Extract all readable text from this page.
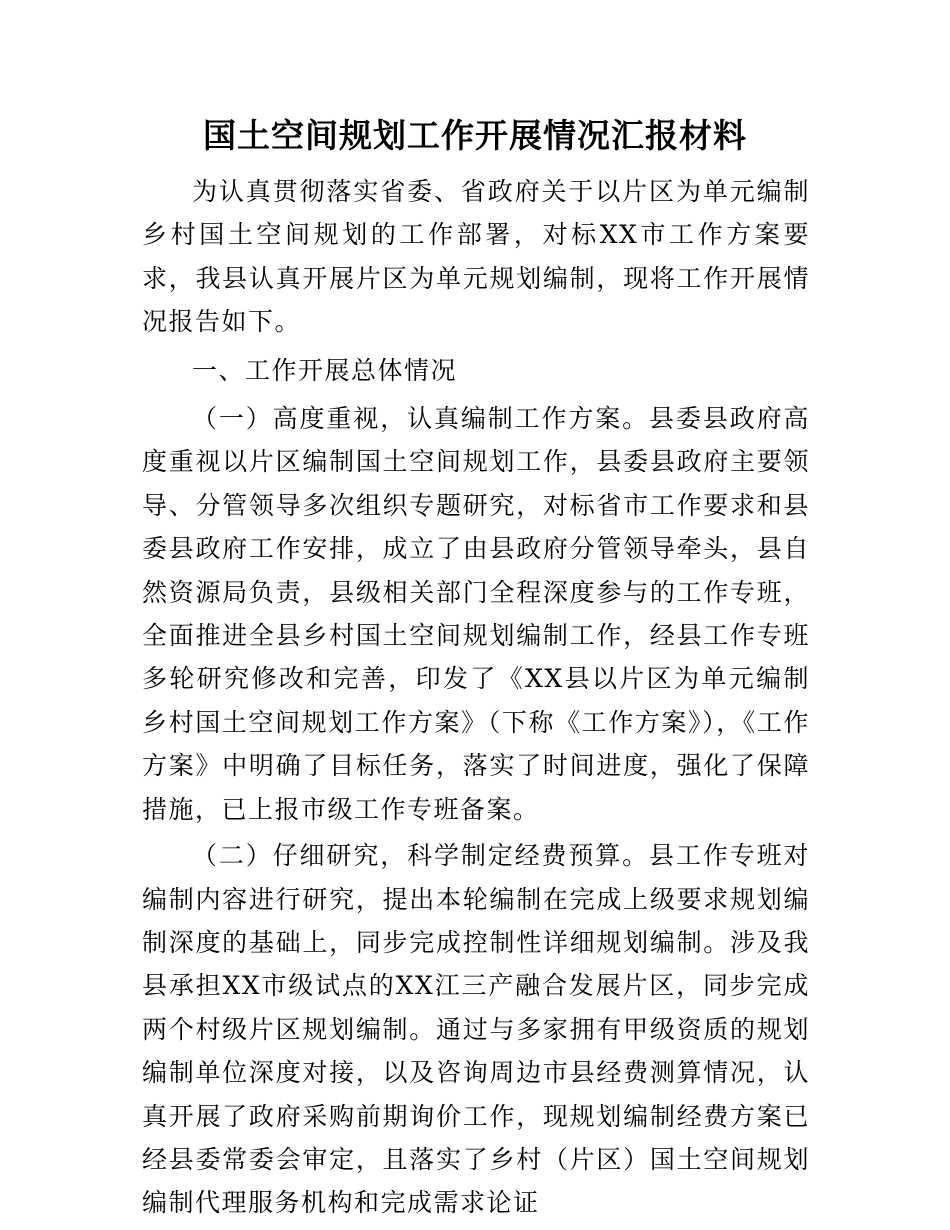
国土空间规划工作开展情况汇报材料

为认真贯彻落实省委、省政府关于以片区为单元编制乡村国土空间规划的工作部署，对标XX市工作方案要求，我县认真开展片区为单元规划编制，现将工作开展情况报告如下。

一、工作开展总体情况

（一）高度重视，认真编制工作方案。县委县政府高度重视以片区编制国土空间规划工作，县委县政府主要领导、分管领导多次组织专题研究，对标省市工作要求和县委县政府工作安排，成立了由县政府分管领导牵头，县自然资源局负责，县级相关部门全程深度参与的工作专班，全面推进全县乡村国土空间规划编制工作，经县工作专班多轮研究修改和完善，印发了《XX县以片区为单元编制乡村国土空间规划工作方案》（下称《工作方案》），《工作方案》中明确了目标任务，落实了时间进度，强化了保障措施，已上报市级工作专班备案。

（二）仔细研究，科学制定经费预算。县工作专班对编制内容进行研究，提出本轮编制在完成上级要求规划编制深度的基础上，同步完成控制性详细规划编制。涉及我县承担XX市级试点的XX江三产融合发展片区，同步完成两个村级片区规划编制。通过与多家拥有甲级资质的规划编制单位深度对接，以及咨询周边市县经费测算情况，认真开展了政府采购前期询价工作，现规划编制经费方案已经县委常委会审定，且落实了乡村（片区）国土空间规划编制代理服务机构和完成需求论证
